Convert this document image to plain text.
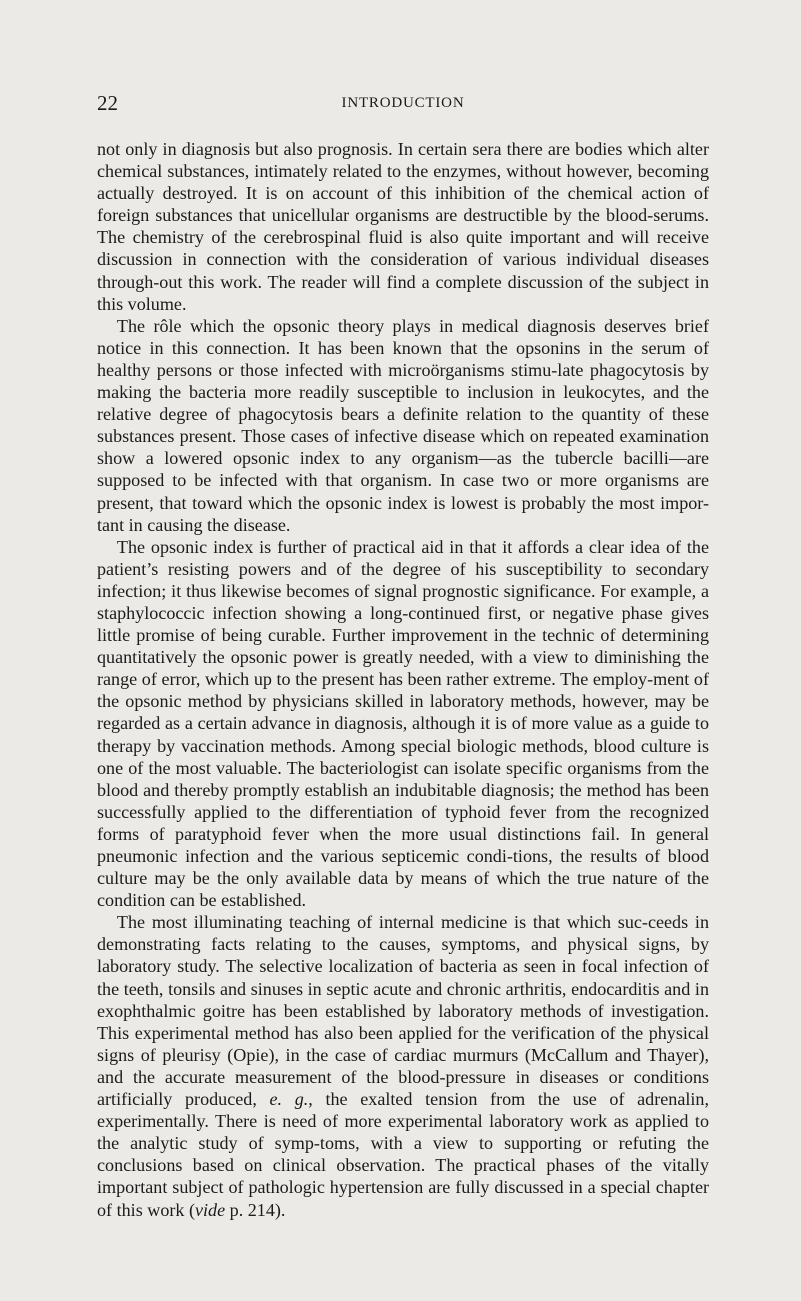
22	INTRODUCTION

not only in diagnosis but also prognosis. In certain sera there are bodies which alter chemical substances, intimately related to the enzymes, without however, becoming actually destroyed. It is on account of this inhibition of the chemical action of foreign substances that unicellular organisms are destructible by the blood-serums. The chemistry of the cerebrospinal fluid is also quite important and will receive discussion in connection with the consideration of various individual diseases through-out this work. The reader will find a complete discussion of the subject in this volume.

The rôle which the opsonic theory plays in medical diagnosis deserves brief notice in this connection. It has been known that the opsonins in the serum of healthy persons or those infected with microörganisms stimu-late phagocytosis by making the bacteria more readily susceptible to inclusion in leukocytes, and the relative degree of phagocytosis bears a definite relation to the quantity of these substances present. Those cases of infective disease which on repeated examination show a lowered opsonic index to any organism—as the tubercle bacilli—are supposed to be infected with that organism. In case two or more organisms are present, that toward which the opsonic index is lowest is probably the most impor-tant in causing the disease.

The opsonic index is further of practical aid in that it affords a clear idea of the patient’s resisting powers and of the degree of his susceptibility to secondary infection; it thus likewise becomes of signal prognostic significance. For example, a staphylococcic infection showing a long-continued first, or negative phase gives little promise of being curable. Further improvement in the technic of determining quantitatively the opsonic power is greatly needed, with a view to diminishing the range of error, which up to the present has been rather extreme. The employ-ment of the opsonic method by physicians skilled in laboratory methods, however, may be regarded as a certain advance in diagnosis, although it is of more value as a guide to therapy by vaccination methods. Among special biologic methods, blood culture is one of the most valuable. The bacteriologist can isolate specific organisms from the blood and thereby promptly establish an indubitable diagnosis; the method has been successfully applied to the differentiation of typhoid fever from the recognized forms of paratyphoid fever when the more usual distinctions fail. In general pneumonic infection and the various septicemic condi-tions, the results of blood culture may be the only available data by means of which the true nature of the condition can be established.

The most illuminating teaching of internal medicine is that which suc-ceeds in demonstrating facts relating to the causes, symptoms, and physical signs, by laboratory study. The selective localization of bacteria as seen in focal infection of the teeth, tonsils and sinuses in septic acute and chronic arthritis, endocarditis and in exophthalmic goitre has been established by laboratory methods of investigation. This experimental method has also been applied for the verification of the physical signs of pleurisy (Opie), in the case of cardiac murmurs (McCallum and Thayer), and the accurate measurement of the blood-pressure in diseases or conditions artificially produced, e. g., the exalted tension from the use of adrenalin, experimentally. There is need of more experimental laboratory work as applied to the analytic study of symp-toms, with a view to supporting or refuting the conclusions based on clinical observation. The practical phases of the vitally important subject of pathologic hypertension are fully discussed in a special chapter of this work (vide p. 214).
